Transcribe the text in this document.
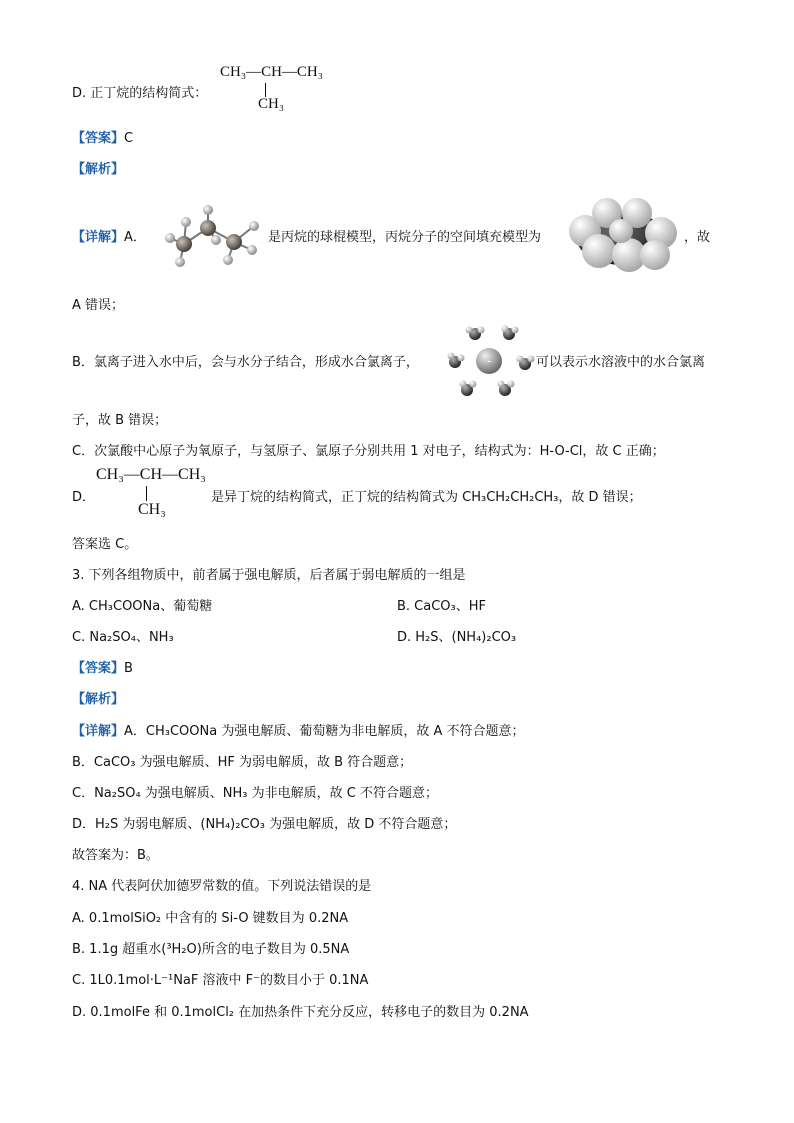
D. 正丁烷的结构简式：
CH₃—CH—CH₃
CH₃
【答案】C
【解析】
【详解】A．	是丙烷的球棍模型，丙烷分子的空间填充模型为	，故
A 错误；
B．氯离子进入水中后，会与水分子结合，形成水合氯离子，	-	可以表示水溶液中的水合氯离
子，故 B 错误；
C．次氯酸中心原子为氧原子，与氢原子、氯原子分别共用 1 对电子，结构式为：H-O-Cl，故 C 正确；
D．
CH₃—CH—CH₃
CH₃
是异丁烷的结构简式，正丁烷的结构简式为 CH₃CH₂CH₂CH₃，故 D 错误；
答案选 C。
3. 下列各组物质中，前者属于强电解质，后者属于弱电解质的一组是
A. CH₃COONa、葡萄糖	B. CaCO₃、HF
C. Na₂SO₄、NH₃	D. H₂S、(NH₄)₂CO₃
【答案】B
【解析】
【详解】A．CH₃COONa 为强电解质、葡萄糖为非电解质，故 A 不符合题意；
B．CaCO₃ 为强电解质、HF 为弱电解质，故 B 符合题意；
C．Na₂SO₄ 为强电解质、NH₃ 为非电解质，故 C 不符合题意；
D．H₂S 为弱电解质、(NH₄)₂CO₃ 为强电解质，故 D 不符合题意；
故答案为：B。
4. NA 代表阿伏加德罗常数的值。下列说法错误的是
A. 0.1molSiO₂ 中含有的 Si-O 键数目为 0.2NA
B. 1.1g 超重水(³H₂O)所含的电子数目为 0.5NA
C. 1L0.1mol·L⁻¹NaF 溶液中 F⁻的数目小于 0.1NA
D. 0.1molFe 和 0.1molCl₂ 在加热条件下充分反应，转移电子的数目为 0.2NA
